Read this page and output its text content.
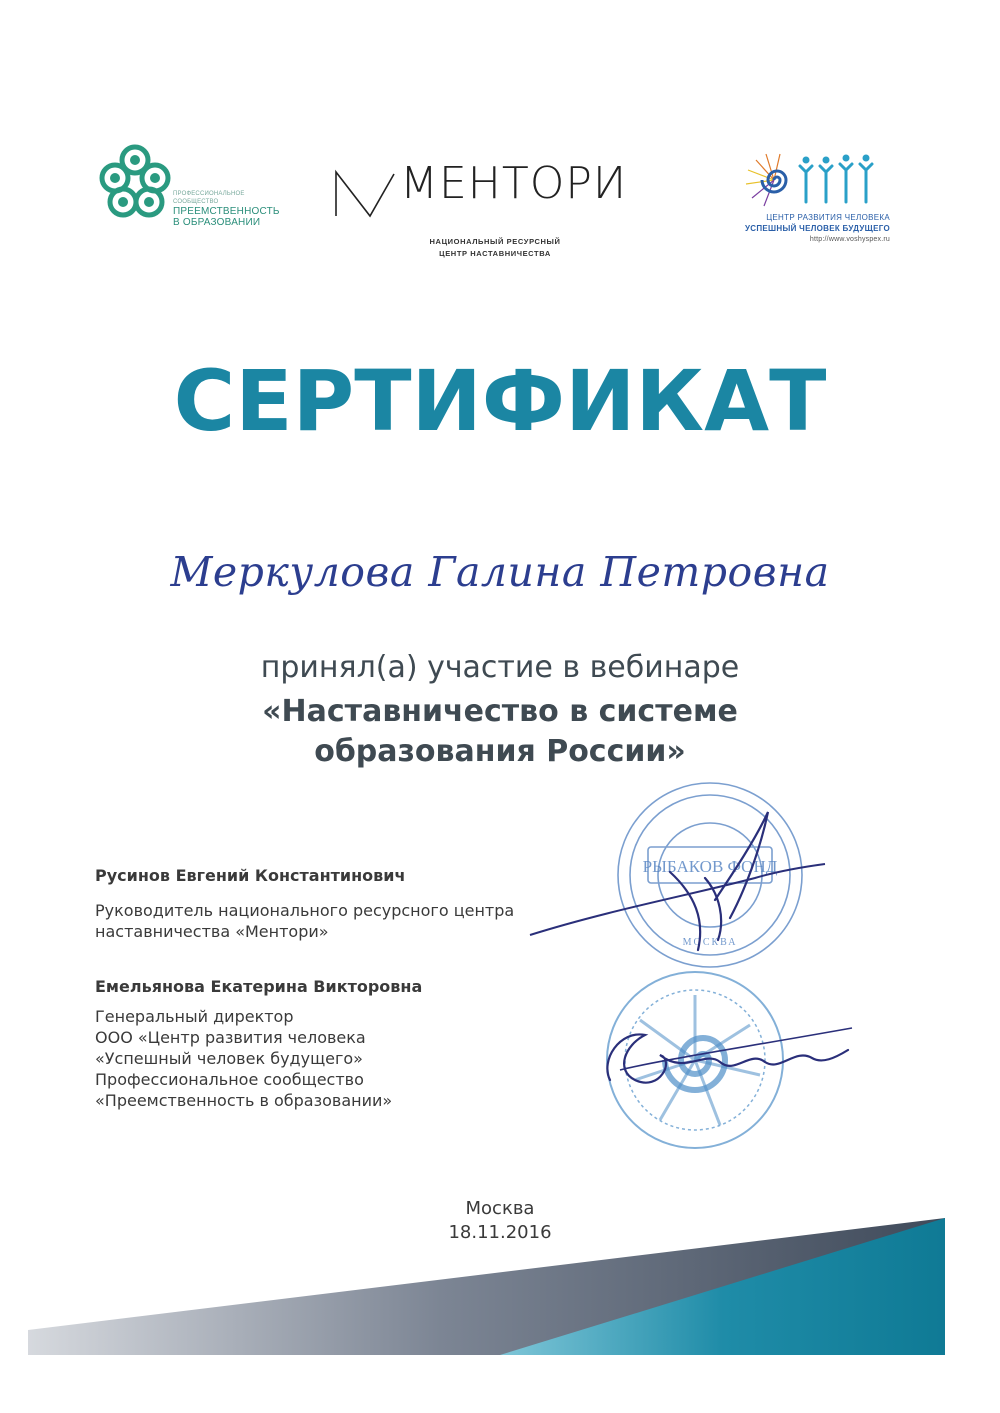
ПРОФЕССИОНАЛЬНОЕ СООБЩЕСТВО
ПРЕЕМСТВЕННОСТЬ
В ОБРАЗОВАНИИ
МЕНТОРИ
НАЦИОНАЛЬНЫЙ РЕСУРСНЫЙ
ЦЕНТР НАСТАВНИЧЕСТВА
ЦЕНТР РАЗВИТИЯ ЧЕЛОВЕКА
УСПЕШНЫЙ ЧЕЛОВЕК БУДУЩЕГО
http://www.voshyspex.ru
СЕРТИФИКАТ
Меркулова Галина Петровна
принял(а) участие в вебинаре
«Наставничество в системе
образования России»
РЫБАКОВ ФОНД
МОСКВА
Русинов Евгений Константинович
Руководитель национального ресурсного центра
наставничества «Ментори»
Емельянова Екатерина Викторовна
Генеральный директор
ООО «Центр развития человека
«Успешный человек будущего»
Профессиональное сообщество
«Преемственность в образовании»
Москва
18.11.2016
